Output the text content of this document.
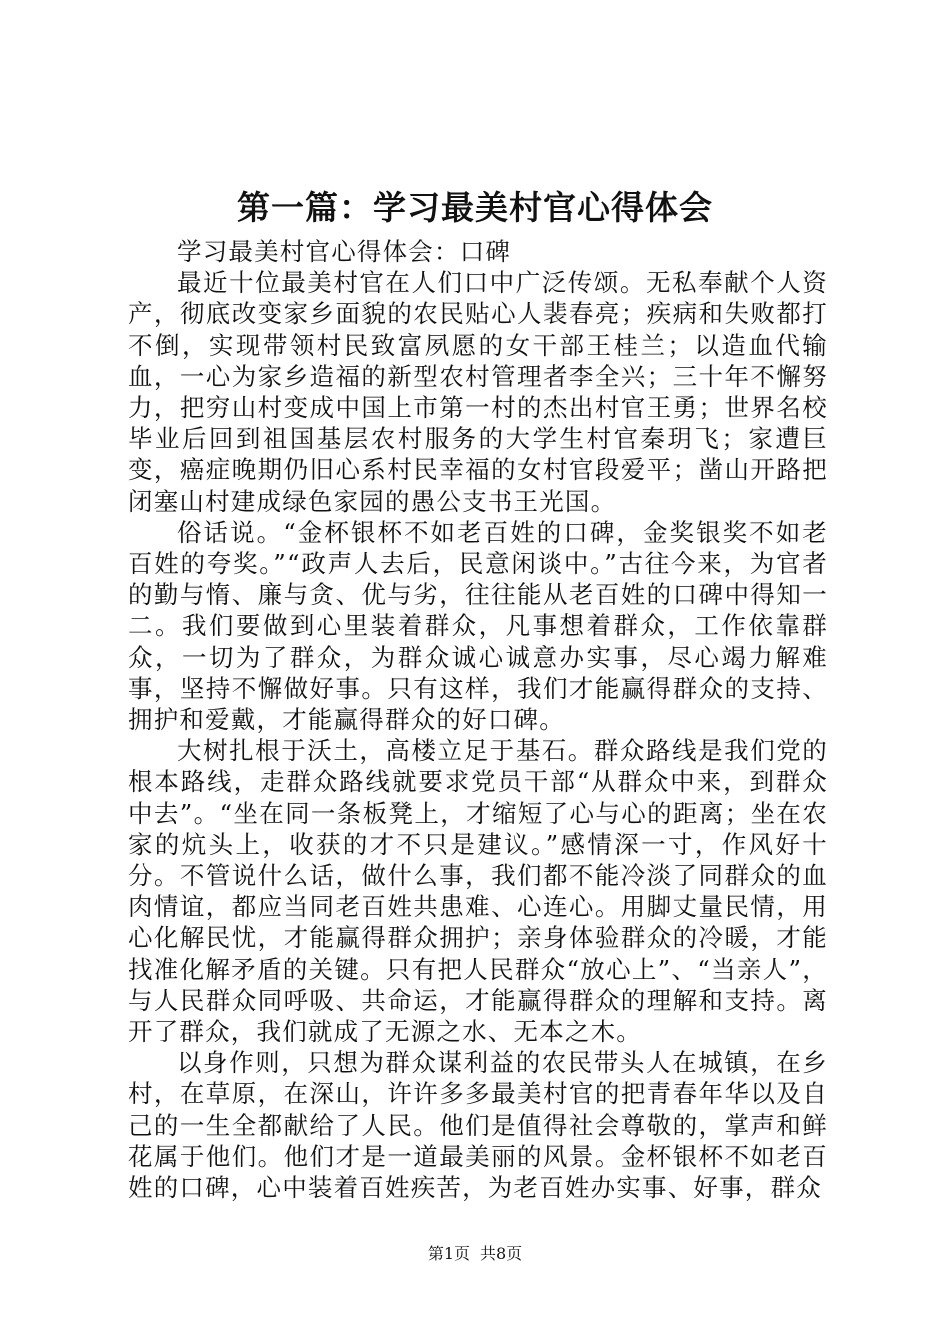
第一篇：学习最美村官心得体会

学习最美村官心得体会：口碑

最近十位最美村官在人们口中广泛传颂。无私奉献个人资产，彻底改变家乡面貌的农民贴心人裴春亮；疾病和失败都打不倒，实现带领村民致富夙愿的女干部王桂兰；以造血代输血，一心为家乡造福的新型农村管理者李全兴；三十年不懈努力，把穷山村变成中国上市第一村的杰出村官王勇；世界名校毕业后回到祖国基层农村服务的大学生村官秦玥飞；家遭巨变，癌症晚期仍旧心系村民幸福的女村官段爱平；凿山开路把闭塞山村建成绿色家园的愚公支书王光国。

俗话说。“金杯银杯不如老百姓的口碑，金奖银奖不如老百姓的夸奖。”“政声人去后，民意闲谈中。”古往今来，为官者的勤与惰、廉与贪、优与劣，往往能从老百姓的口碑中得知一二。我们要做到心里装着群众，凡事想着群众，工作依靠群众，一切为了群众，为群众诚心诚意办实事，尽心竭力解难事，坚持不懈做好事。只有这样，我们才能赢得群众的支持、拥护和爱戴，才能赢得群众的好口碑。

大树扎根于沃土，高楼立足于基石。群众路线是我们党的根本路线，走群众路线就要求党员干部“从群众中来，到群众中去”。“坐在同一条板凳上，才缩短了心与心的距离；坐在农家的炕头上，收获的才不只是建议。”感情深一寸，作风好十分。不管说什么话，做什么事，我们都不能冷淡了同群众的血肉情谊，都应当同老百姓共患难、心连心。用脚丈量民情，用心化解民忧，才能赢得群众拥护；亲身体验群众的冷暖，才能找准化解矛盾的关键。只有把人民群众“放心上”、“当亲人”，与人民群众同呼吸、共命运，才能赢得群众的理解和支持。离开了群众，我们就成了无源之水、无本之木。

以身作则，只想为群众谋利益的农民带头人在城镇，在乡村，在草原，在深山，许许多多最美村官的把青春年华以及自己的一生全都献给了人民。他们是值得社会尊敬的，掌声和鲜花属于他们。他们才是一道最美丽的风景。金杯银杯不如老百姓的口碑，心中装着百姓疾苦，为老百姓办实事、好事，群众

第1页 共8页
